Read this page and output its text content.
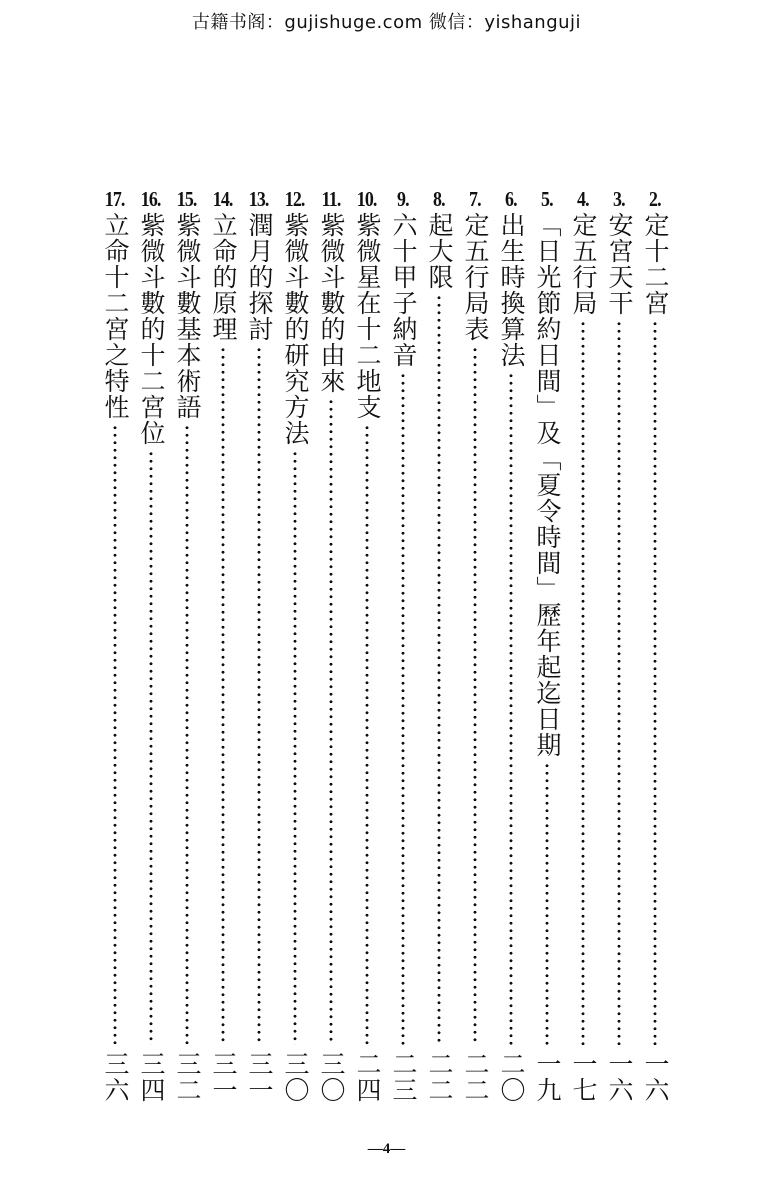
古籍书阁：gujishuge.com 微信：yishanguji
2.
定十二宮
一六
3.
安宮天干
一六
4.
定五行局
一七
5.
「日光節約日間」及「夏令時間」歷年起迄日期
一九
6.
出生時換算法
二〇
7.
定五行局表
二二
8.
起大限
二二
9.
六十甲子納音
二三
10.
紫微星在十二地支
二四
11.
紫微斗數的由來
三〇
12.
紫微斗數的研究方法
三〇
13.
潤月的探討
三一
14.
立命的原理
三一
15.
紫微斗數基本術語
三二
16.
紫微斗數的十二宮位
三四
17.
立命十二宮之特性
三六
—4—
